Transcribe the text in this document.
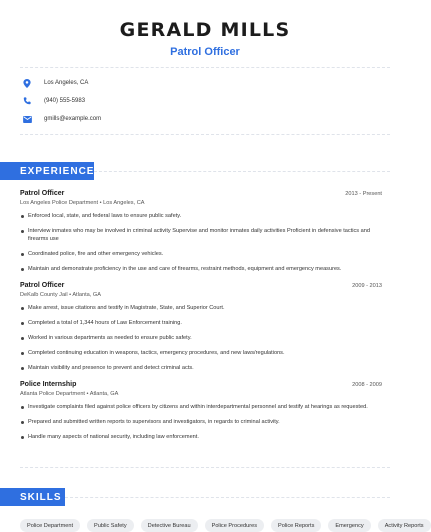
GERALD MILLS
Patrol Officer
Los Angeles, CA
(940) 555-5983
gmills@example.com
EXPERIENCE
Patrol Officer	2013 - Present
Los Angeles Police Department • Los Angeles, CA
Enforced local, state, and federal laws to ensure public safety.
Interview inmates who may be involved in criminal activity Supervise and monitor inmates daily activities Proficient in defensive tactics and firearms use
Coordinated police, fire and other emergency vehicles.
Maintain and demonstrate proficiency in the use and care of firearms, restraint methods, equipment and emergency measures.
Patrol Officer	2009 - 2013
DeKalb County Jail • Atlanta, GA
Make arrest, issue citations and testify in Magistrate, State, and Superior Court.
Completed a total of 1,344 hours of Law Enforcement training.
Worked in various departments as needed to ensure public safety.
Completed continuing education in weapons, tactics, emergency procedures, and new laws/regulations.
Maintain visibility and presence to prevent and detect criminal acts.
Police Internship	2008 - 2009
Atlanta Police Department • Atlanta, GA
Investigate complaints filed against police officers by citizens and within interdepartmental personnel and testify at hearings as requested.
Prepared and submitted written reports to supervisors and investigators, in regards to criminal activity.
Handle many aspects of national security, including law enforcement.
SKILLS
Police Department	Public Safety	Detective Bureau	Police Procedures	Police Reports	Emergency	Activity Reports
